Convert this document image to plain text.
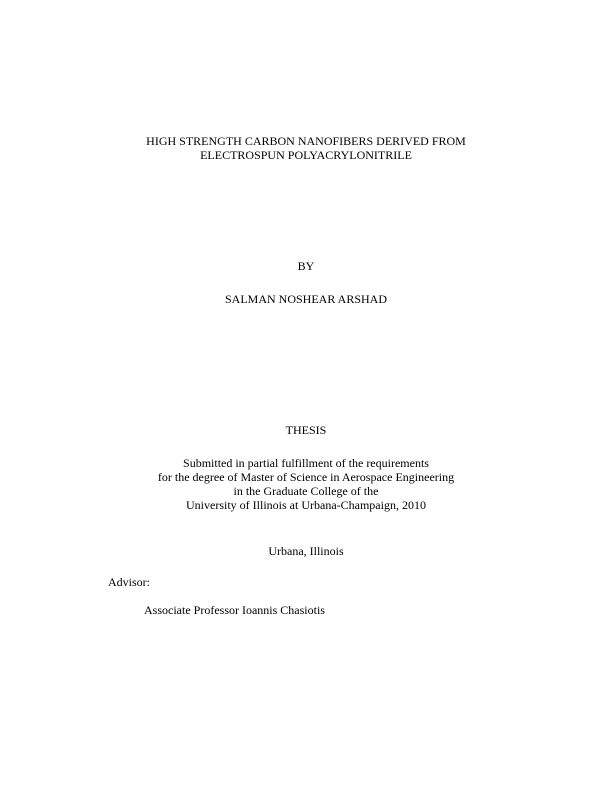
HIGH STRENGTH CARBON NANOFIBERS DERIVED FROM
ELECTROSPUN POLYACRYLONITRILE
BY
SALMAN NOSHEAR ARSHAD
THESIS
Submitted in partial fulfillment of the requirements
for the degree of Master of Science in Aerospace Engineering
in the Graduate College of the
University of Illinois at Urbana-Champaign, 2010
Urbana, Illinois
Advisor:
Associate Professor Ioannis Chasiotis
